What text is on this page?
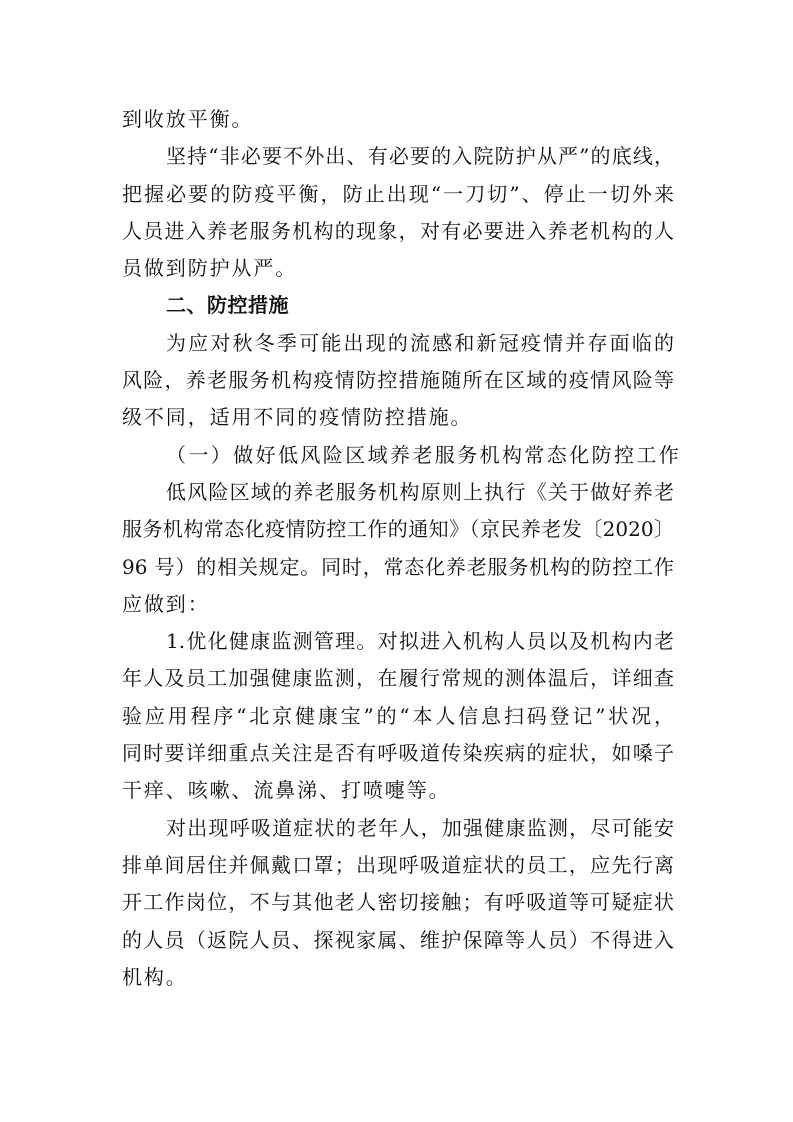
到收放平衡。
坚持“非必要不外出、有必要的入院防护从严”的底线，
把握必要的防疫平衡，防止出现“一刀切”、停止一切外来
人员进入养老服务机构的现象，对有必要进入养老机构的人
员做到防护从严。
二、防控措施
为应对秋冬季可能出现的流感和新冠疫情并存面临的
风险，养老服务机构疫情防控措施随所在区域的疫情风险等
级不同，适用不同的疫情防控措施。
（一）做好低风险区域养老服务机构常态化防控工作
低风险区域的养老服务机构原则上执行《关于做好养老
服务机构常态化疫情防控工作的通知》（京民养老发〔2020〕
96 号）的相关规定。同时，常态化养老服务机构的防控工作
应做到：
1.优化健康监测管理。对拟进入机构人员以及机构内老
年人及员工加强健康监测，在履行常规的测体温后，详细查
验应用程序“北京健康宝”的“本人信息扫码登记”状况，
同时要详细重点关注是否有呼吸道传染疾病的症状，如嗓子
干痒、咳嗽、流鼻涕、打喷嚏等。
对出现呼吸道症状的老年人，加强健康监测，尽可能安
排单间居住并佩戴口罩；出现呼吸道症状的员工，应先行离
开工作岗位，不与其他老人密切接触；有呼吸道等可疑症状
的人员（返院人员、探视家属、维护保障等人员）不得进入
机构。
